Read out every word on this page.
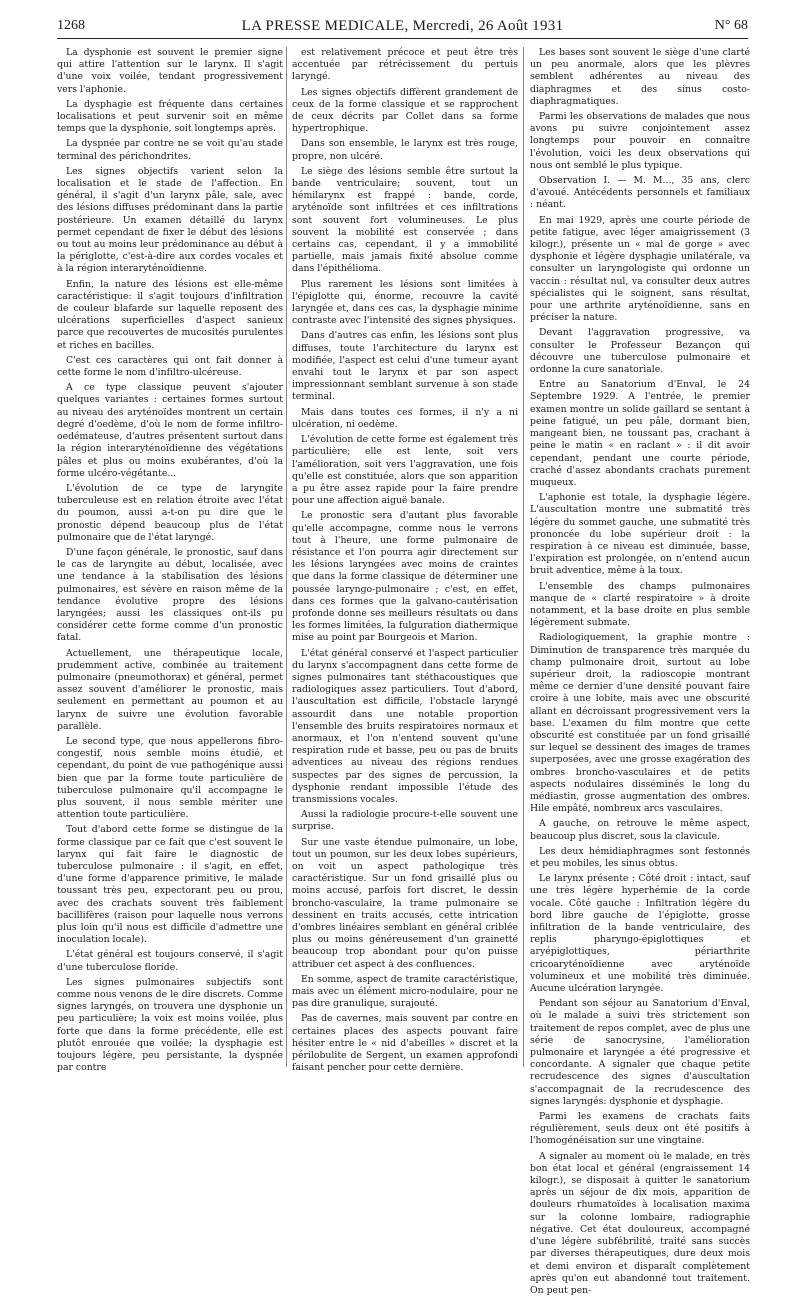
1268	LA PRESSE MEDICALE, Mercredi, 26 Août 1931	N° 68

La dysphonie est souvent le premier signe qui attire l'attention sur le larynx. Il s'agit d'une voix voilée, tendant progressivement vers l'aphonie.

La dysphagie est fréquente dans certaines localisations et peut survenir soit en même temps que la dysphonie, soit longtemps après.

La dyspnée par contre ne se voit qu'au stade terminal des périchondrites.

Les signes objectifs varient selon la localisation et le stade de l'affection. En général, il s'agit d'un larynx pâle, sale, avec des lésions diffuses prédominant dans la partie postérieure. Un examen détaillé du larynx permet cependant de fixer le début des lésions ou tout au moins leur prédominance au début à la périglotte, c'est-à-dire aux cordes vocales et à la région interaryténoïdienne.

Enfin, la nature des lésions est elle-même caractéristique: il s'agit toujours d'infiltration de couleur blafarde sur laquelle reposent des ulcérations superficielles d'aspect sanieux parce que recouvertes de mucosités purulentes et riches en bacilles.

C'est ces caractères qui ont fait donner à cette forme le nom d'infiltro-ulcéreuse.

A ce type classique peuvent s'ajouter quelques variantes : certaines formes surtout au niveau des aryténoïdes montrent un certain degré d'oedème, d'où le nom de forme infiltro-oedémateuse, d'autres présentent surtout dans la région interaryténoïdienne des végétations pâles et plus ou moins exubérantes, d'où la forme ulcéro-végétante...

L'évolution de ce type de laryngite tuberculeuse est en relation étroite avec l'état du poumon, aussi a-t-on pu dire que le pronostic dépend beaucoup plus de l'état pulmonaire que de l'état laryngé.

D'une façon générale, le pronostic, sauf dans le cas de laryngite au début, localisée, avec une tendance à la stabilisation des lésions pulmonaires, est sévère en raison même de la tendance évolutive propre des lésions laryngées; aussi les classiques ont-ils pu considérer cette forme comme d'un pronostic fatal.

Actuellement, une thérapeutique locale, prudemment active, combinée au traitement pulmonaire (pneumothorax) et général, permet assez souvent d'améliorer le pronostic, mais seulement en permettant au poumon et au larynx de suivre une évolution favorable parallèle.

Le second type, que nous appellerons fibro-congestif, nous semble moins étudié, et cependant, du point de vue pathogénique aussi bien que par la forme toute particulière de tuberculose pulmonaire qu'il accompagne le plus souvent, il nous semble mériter une attention toute particulière.

Tout d'abord cette forme se distingue de la forme classique par ce fait que c'est souvent le larynx qui fait faire le diagnostic de tuberculose pulmonaire : il s'agit, en effet, d'une forme d'apparence primitive, le malade toussant très peu, expectorant peu ou prou, avec des crachats souvent très faiblement bacillifères (raison pour laquelle nous verrons plus loin qu'il nous est difficile d'admettre une inoculation locale).

L'état général est toujours conservé, il s'agit d'une tuberculose floride.

Les signes pulmonaires subjectifs sont comme nous venons de le dire discrets. Comme signes laryngés, on trouvera une dysphonie un peu particulière; la voix est moins voilée, plus forte que dans la forme précédente, elle est plutôt enrouée que voilée; la dysphagie est toujours légère, peu persistante, la dyspnée par contre

est relativement précoce et peut être très accentuée par rétrécissement du pertuis laryngé.

Les signes objectifs diffèrent grandement de ceux de la forme classique et se rapprochent de ceux décrits par Collet dans sa forme hypertrophique.

Dans son ensemble, le larynx est très rouge, propre, non ulcéré.

Le siège des lésions semble être surtout la bande ventriculaire; souvent, tout un hémilarynx est frappé : bande, corde, aryténoïde sont infiltrées et ces infiltrations sont souvent fort volumineuses. Le plus souvent la mobilité est conservée ; dans certains cas, cependant, il y a immobilité partielle, mais jamais fixité absolue comme dans l'épithélioma.

Plus rarement les lésions sont limitées à l'épiglotte qui, énorme, recouvre la cavité laryngée et, dans ces cas, la dysphagie minime contraste avec l'intensité des signes physiques.

Dans d'autres cas enfin, les lésions sont plus diffuses, toute l'architecture du larynx est modifiée, l'aspect est celui d'une tumeur ayant envahi tout le larynx et par son aspect impressionnant semblant survenue à son stade terminal.

Mais dans toutes ces formes, il n'y a ni ulcération, ni oedème.

L'évolution de cette forme est également très particulière; elle est lente, soit vers l'amélioration, soit vers l'aggravation, une fois qu'elle est constituée, alors que son apparition a pu être assez rapide pour la faire prendre pour une affection aiguë banale.

Le pronostic sera d'autant plus favorable qu'elle accompagne, comme nous le verrons tout à l'heure, une forme pulmonaire de résistance et l'on pourra agir directement sur les lésions laryngées avec moins de craintes que dans la forme classique de déterminer une poussée laryngo-pulmonaire ; c'est, en effet, dans ces formes que la galvano-cautérisation profonde donne ses meilleurs résultats ou dans les formes limitées, la fulguration diathermique mise au point par Bourgeois et Marion.

L'état général conservé et l'aspect particulier du larynx s'accompagnent dans cette forme de signes pulmonaires tant stéthacoustiques que radiologiques assez particuliers. Tout d'abord, l'auscultation est difficile, l'obstacle laryngé assourdit dans une notable proportion l'ensemble des bruits respiratoires normaux et anormaux, et l'on n'entend souvent qu'une respiration rude et basse, peu ou pas de bruits adventices au niveau des régions rendues suspectes par des signes de percussion, la dysphonie rendant impossible l'étude des transmissions vocales.

Aussi la radiologie procure-t-elle souvent une surprise.

Sur une vaste étendue pulmonaire, un lobe, tout un poumon, sur les deux lobes supérieurs, on voit un aspect pathologique très caractéristique. Sur un fond grisaillé plus ou moins accusé, parfois fort discret, le dessin broncho-vasculaire, la trame pulmonaire se dessinent en traits accusés, cette intrication d'ombres linéaires semblant en général criblée plus ou moins généreusement d'un grainetté beaucoup trop abondant pour qu'on puisse attribuer cet aspect à des confluences.

En somme, aspect de tramite caractéristique, mais avec un élément micro-nodulaire, pour ne pas dire granulique, surajouté.

Pas de cavernes, mais souvent par contre en certaines places des aspects pouvant faire hésiter entre le « nid d'abeilles » discret et la périlobulite de Sergent, un examen approfondi faisant pencher pour cette dernière.

Les bases sont souvent le siège d'une clarté un peu anormale, alors que les plèvres semblent adhérentes au niveau des diaphragmes et des sinus costo-diaphragmatiques.

Parmi les observations de malades que nous avons pu suivre conjointement assez longtemps pour pouvoir en connaître l'évolution, voici les deux observations qui nous ont semblé le plus typique.

Observation I. — M. M..., 35 ans, clerc d'avoué. Antécédents personnels et familiaux : néant.

En mai 1929, après une courte période de petite fatigue, avec léger amaigrissement (3 kilogr.), présente un « mal de gorge » avec dysphonie et légère dysphagie unilatérale, va consulter un laryngologiste qui ordonne un vaccin : résultat nul, va consulter deux autres spécialistes qui le soignent, sans résultat, pour une arthrite aryténoïdienne, sans en préciser la nature.

Devant l'aggravation progressive, va consulter le Professeur Bezançon qui découvre une tuberculose pulmonaire et ordonne la cure sanatoriale.

Entre au Sanatorium d'Enval, le 24 Septembre 1929. A l'entrée, le premier examen montre un solide gaillard se sentant à peine fatigué, un peu pâle, dormant bien, mangeant bien, ne toussant pas, crachant à peine le matin « en raclant » : il dit avoir cependant, pendant une courte période, craché d'assez abondants crachats purement muqueux.

L'aphonie est totale, la dysphagie légère. L'auscultation montre une submatité très légère du sommet gauche, une submatité très prononcée du lobe supérieur droit : la respiration à ce niveau est diminuée, basse, l'expiration est prolongée, on n'entend aucun bruit adventice, même à la toux.

L'ensemble des champs pulmonaires manque de « clarté respiratoire » à droite notamment, et la base droite en plus semble légèrement submate.

Radiologiquement, la graphie montre : Diminution de transparence très marquée du champ pulmonaire droit, surtout au lobe supérieur droit, la radioscopie montrant même ce dernier d'une densité pouvant faire croire à une lobite, mais avec une obscurité allant en décroissant progressivement vers la base. L'examen du film montre que cette obscurité est constituée par un fond grisaillé sur lequel se dessinent des images de trames superposées, avec une grosse exagération des ombres broncho-vasculaires et de petits aspects nodulaires disséminés le long du médiastin, grosse augmentation des ombres. Hile empâté, nombreux arcs vasculaires.

A gauche, on retrouve le même aspect, beaucoup plus discret, sous la clavicule.

Les deux hémidiaphragmes sont festonnés et peu mobiles, les sinus obtus.

Le larynx présente : Côté droit : intact, sauf une très légère hyperhémie de la corde vocale. Côté gauche : Infiltration légère du bord libre gauche de l'épiglotte, grosse infiltration de la bande ventriculaire, des replis pharyngo-épiglottiques et aryépiglottiques, périarthrite cricoaryténoïdienne avec aryténoïde volumineux et une mobilité très diminuée. Aucune ulcération laryngée.

Pendant son séjour au Sanatorium d'Enval, où le malade a suivi très strictement son traitement de repos complet, avec de plus une série de sanocrysine, l'amélioration pulmonaire et laryngée a été progressive et concordante. A signaler que chaque petite recrudescence des signes d'auscultation s'accompagnait de la recrudescence des signes laryngés: dysphonie et dysphagie.

Parmi les examens de crachats faits régulièrement, seuls deux ont été positifs à l'homogénéisation sur une vingtaine.

A signaler au moment où le malade, en très bon état local et général (engraissement 14 kilogr.), se disposait à quitter le sanatorium après un séjour de dix mois, apparition de douleurs rhumatoïdes à localisation maxima sur la colonne lombaire, radiographie négative. Cet état douloureux, accompagné d'une légère subfébrilité, traité sans succès par diverses thérapeutiques, dure deux mois et demi environ et disparaît complètement après qu'on eut abandonné tout traitement. On peut pen-
